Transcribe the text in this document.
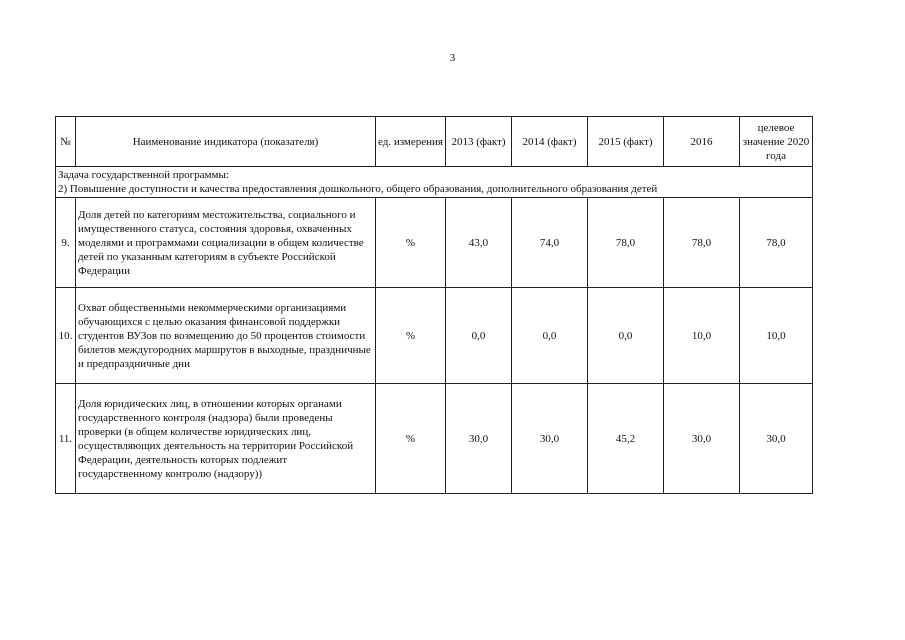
3
№	Наименование индикатора (показателя)	ед. измерения	2013 (факт)	2014 (факт)	2015 (факт)	2016	целевое значение 2020 года

Задача государственной программы:
2) Повышение доступности и качества предоставления дошкольного, общего образования, дополнительного образования детей							

9.	Доля детей по категориям местожительства, социального и имущественного статуса, состояния здоровья, охваченных моделями и программами социализации в общем количестве детей по указанным категориям в субъекте Российской Федерации	%	43,0	74,0	78,0	78,0	78,0
10.	Охват общественными некоммерческими организациями обучающихся с целью оказания финансовой поддержки студентов ВУЗов по возмещению до 50 процентов стоимости билетов междугородних маршрутов в выходные, праздничные и предпраздничные дни	%	0,0	0,0	0,0	10,0	10,0
11.	Доля юридических лиц, в отношении которых органами государственного контроля (надзора) были проведены проверки (в общем количестве юридических лиц, осуществляющих деятельность на территории Российской Федерации, деятельность которых подлежит государственному контролю (надзору))	%	30,0	30,0	45,2	30,0	30,0
